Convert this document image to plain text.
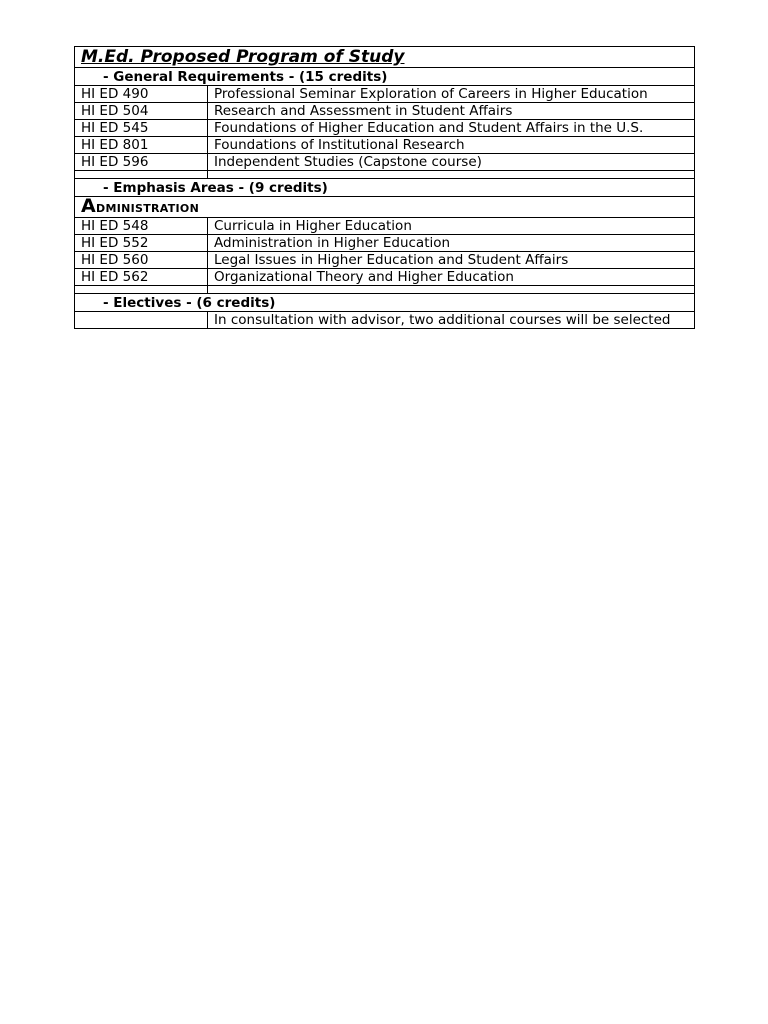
M.Ed. Proposed Program of Study	
- General Requirements - (15 credits)	
HI ED 490	Professional Seminar Exploration of Careers in Higher Education
HI ED 504	Research and Assessment in Student Affairs
HI ED 545	Foundations of Higher Education and Student Affairs in the U.S.
HI ED 801	Foundations of Institutional Research
HI ED 596	Independent Studies (Capstone course)

- Emphasis Areas - (9 credits)	
Administration	
HI ED 548	Curricula in Higher Education
HI ED 552	Administration in Higher Education
HI ED 560	Legal Issues in Higher Education and Student Affairs
HI ED 562	Organizational Theory and Higher Education

- Electives - (6 credits)	
	In consultation with advisor, two additional courses will be selected
